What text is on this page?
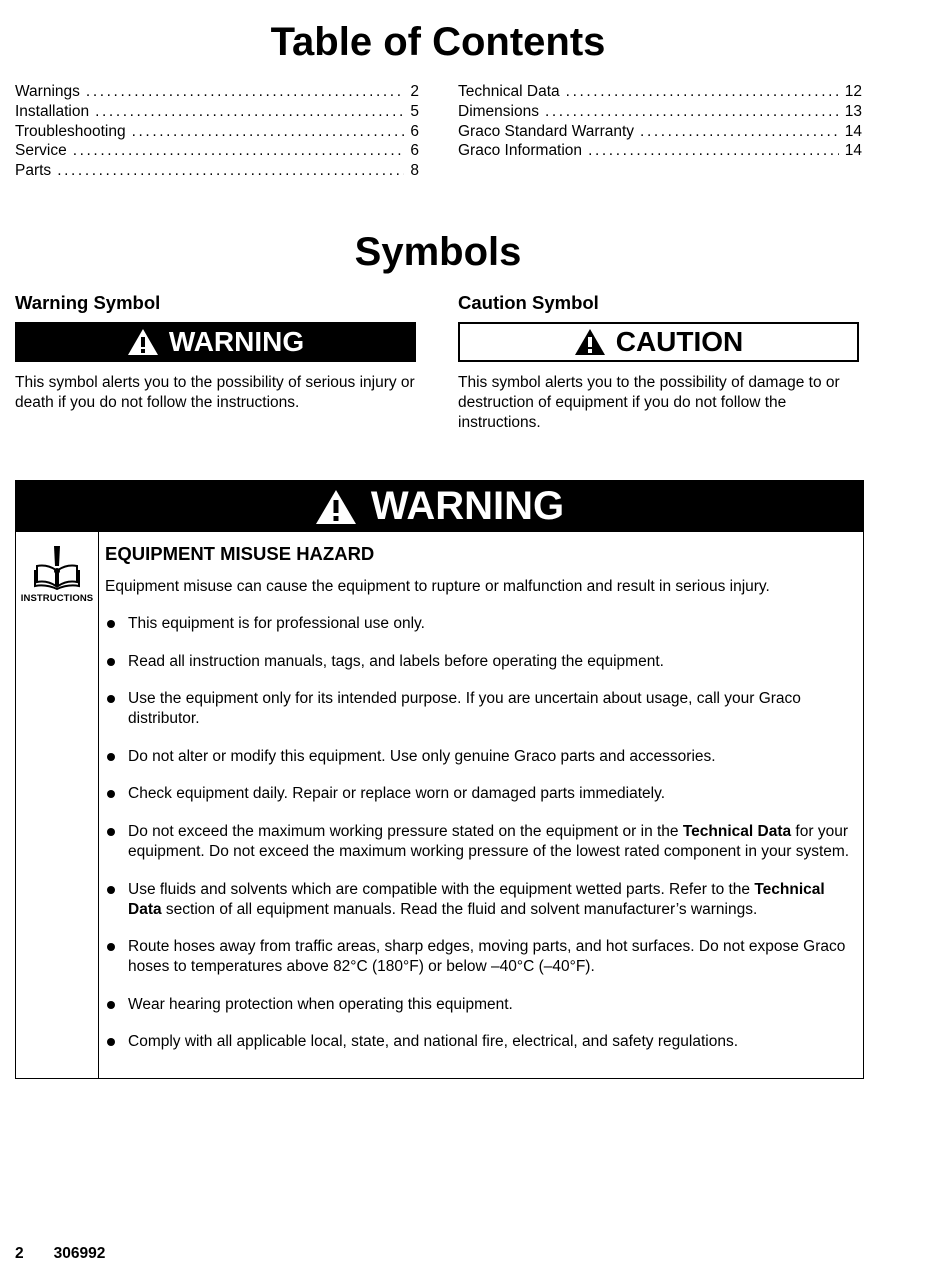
Table of Contents
Warnings .....	2
Installation .....	5
Troubleshooting .....	6
Service .....	6
Parts .....	8
Technical Data .....	12
Dimensions .....	13
Graco Standard Warranty .....	14
Graco Information .....	14
Symbols
Warning Symbol
WARNING
This symbol alerts you to the possibility of serious injury or death if you do not follow the instructions.
Caution Symbol
CAUTION
This symbol alerts you to the possibility of damage to or destruction of equipment if you do not follow the instructions.
WARNING
INSTRUCTIONS
EQUIPMENT MISUSE HAZARD
Equipment misuse can cause the equipment to rupture or malfunction and result in serious injury.
This equipment is for professional use only.
Read all instruction manuals, tags, and labels before operating the equipment.
Use the equipment only for its intended purpose. If you are uncertain about usage, call your Graco distributor.
Do not alter or modify this equipment. Use only genuine Graco parts and accessories.
Check equipment daily. Repair or replace worn or damaged parts immediately.
Do not exceed the maximum working pressure stated on the equipment or in the Technical Data for your equipment. Do not exceed the maximum working pressure of the lowest rated component in your system.
Use fluids and solvents which are compatible with the equipment wetted parts. Refer to the Technical Data section of all equipment manuals. Read the fluid and solvent manufacturer’s warnings.
Route hoses away from traffic areas, sharp edges, moving parts, and hot surfaces. Do not expose Graco hoses to temperatures above 82°C (180°F) or below –40°C (–40°F).
Wear hearing protection when operating this equipment.
Comply with all applicable local, state, and national fire, electrical, and safety regulations.
2 306992
